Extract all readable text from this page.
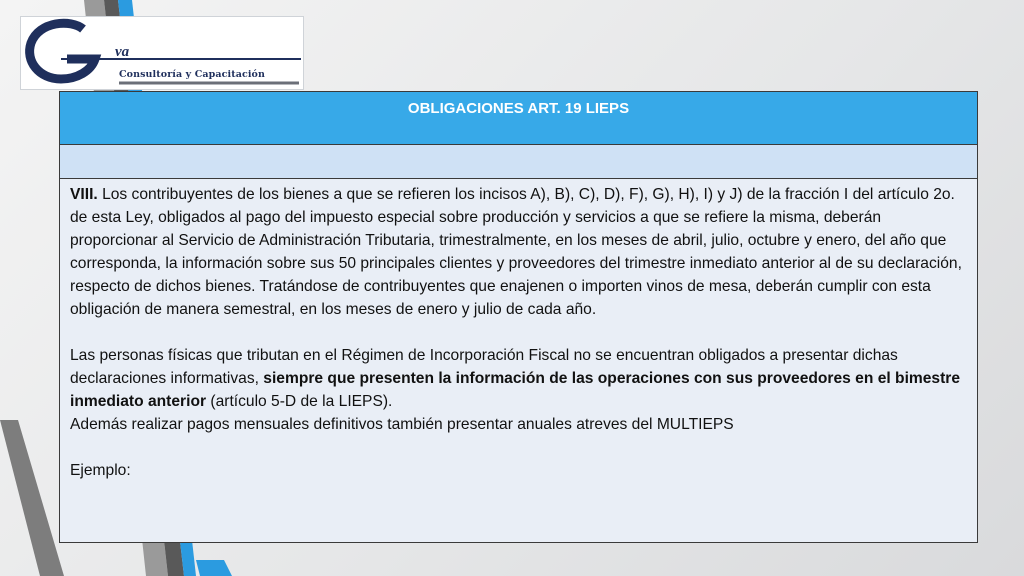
va
Consultoría y Capacitación
OBLIGACIONES ART. 19 LIEPS

VIII. Los contribuyentes de los bienes a que se refieren los incisos A), B), C), D), F), G), H), I) y J) de la fracción I del artículo 2o. de esta Ley, obligados al pago del impuesto especial sobre producción y servicios a que se refiere la misma, deberán proporcionar al Servicio de Administración Tributaria, trimestralmente, en los meses de abril, julio, octubre y enero, del año que corresponda, la información sobre sus 50 principales clientes y proveedores del trimestre inmediato anterior al de su declaración, respecto de dichos bienes. Tratándose de contribuyentes que enajenen o importen vinos de mesa, deberán cumplir con esta obligación de manera semestral, en los meses de enero y julio de cada año.

Las personas físicas que tributan en el Régimen de Incorporación Fiscal no se encuentran obligados a presentar dichas declaraciones informativas, siempre que presenten la información de las operaciones con sus proveedores en el bimestre inmediato anterior (artículo 5-D de la LIEPS).

Además realizar pagos mensuales definitivos también presentar anuales atreves del MULTIEPS

Ejemplo:
